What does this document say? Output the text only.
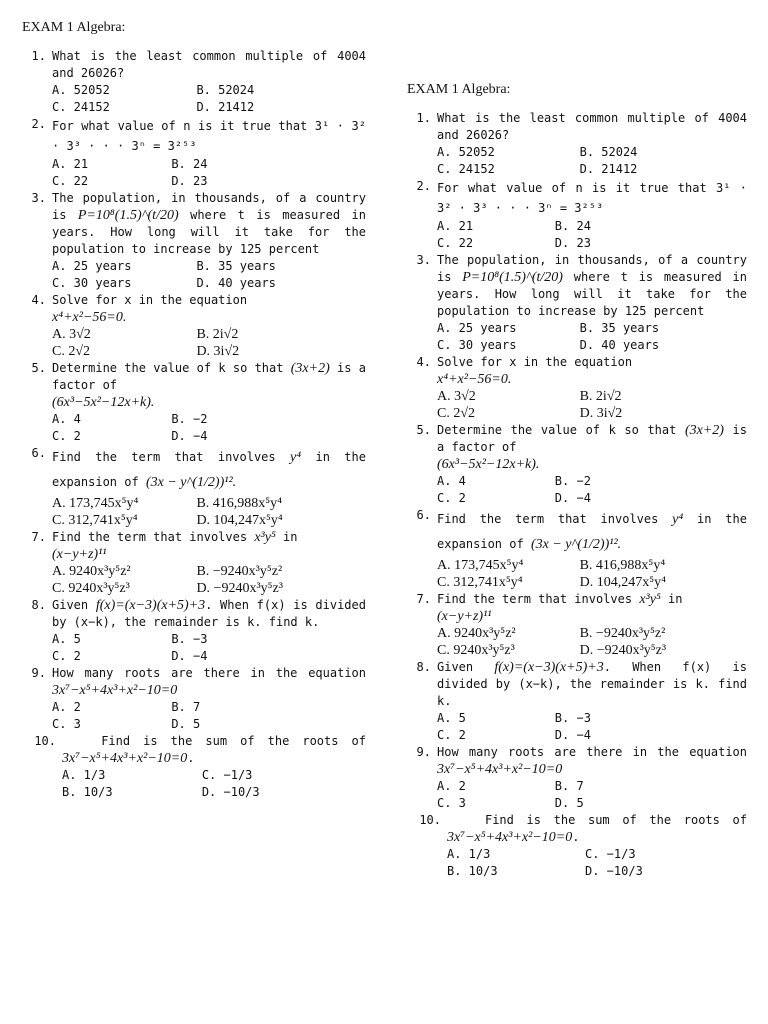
EXAM 1 Algebra:
1. What is the least common multiple of 4004 and 26026?
A. 52052	B. 52024
C. 24152	D. 21412
2. For what value of n is it true that 3¹ · 3² · 3³ · · · 3ⁿ = 3²⁵³
A. 21	B. 24
C. 22	D. 23
3. The population, in thousands, of a country is P=10⁸(1.5)^(t/20) where t is measured in years. How long will it take for the population to increase by 125 percent
A. 25 years	B. 35 years
C. 30 years	D. 40 years
4. Solve for x in the equation
x⁴+x²−56=0.
A. 3√2	B. 2i√2
C. 2√2	D. 3i√2
5. Determine the value of k so that (3x+2) is a factor of
(6x³−5x²−12x+k).
A. 4	B. −2
C. 2	D. −4
6. Find the term that involves y⁴ in the expansion of (3x − y^(1/2))¹².
A. 173,745x⁵y⁴	B. 416,988x⁵y⁴
C. 312,741x⁵y⁴	D. 104,247x⁵y⁴
7. Find the term that involves x³y⁵ in
(x−y+z)¹¹
A. 9240x³y⁵z²	B. −9240x³y⁵z²
C. 9240x³y⁵z³	D. −9240x³y⁵z³
8. Given f(x)=(x−3)(x+5)+3. When f(x) is divided by (x−k), the remainder is k. find k.
A. 5	B. −3
C. 2	D. −4
9. How many roots are there in the equation 3x⁷−x⁵+4x³+x²−10=0
A. 2	B. 7
C. 3	D. 5
10.	Find is the sum of the roots of 3x⁷−x⁵+4x³+x²−10=0.
A. 1/3	C. −1/3
B. 10/3	D. −10/3
EXAM 1 Algebra:
1. What is the least common multiple of 4004 and 26026?
A. 52052	B. 52024
C. 24152	D. 21412
2. For what value of n is it true that 3¹ · 3² · 3³ · · · 3ⁿ = 3²⁵³
A. 21	B. 24
C. 22	D. 23
3. The population, in thousands, of a country is P=10⁸(1.5)^(t/20) where t is measured in years. How long will it take for the population to increase by 125 percent
A. 25 years	B. 35 years
C. 30 years	D. 40 years
4. Solve for x in the equation
x⁴+x²−56=0.
A. 3√2	B. 2i√2
C. 2√2	D. 3i√2
5. Determine the value of k so that (3x+2) is a factor of
(6x³−5x²−12x+k).
A. 4	B. −2
C. 2	D. −4
6. Find the term that involves y⁴ in the expansion of (3x − y^(1/2))¹².
A. 173,745x⁵y⁴	B. 416,988x⁵y⁴
C. 312,741x⁵y⁴	D. 104,247x⁵y⁴
7. Find the term that involves x³y⁵ in
(x−y+z)¹¹
A. 9240x³y⁵z²	B. −9240x³y⁵z²
C. 9240x³y⁵z³	D. −9240x³y⁵z³
8. Given f(x)=(x−3)(x+5)+3. When f(x) is divided by (x−k), the remainder is k. find k.
A. 5	B. −3
C. 2	D. −4
9. How many roots are there in the equation 3x⁷−x⁵+4x³+x²−10=0
A. 2	B. 7
C. 3	D. 5
10.	Find is the sum of the roots of 3x⁷−x⁵+4x³+x²−10=0.
A. 1/3	C. −1/3
B. 10/3	D. −10/3
